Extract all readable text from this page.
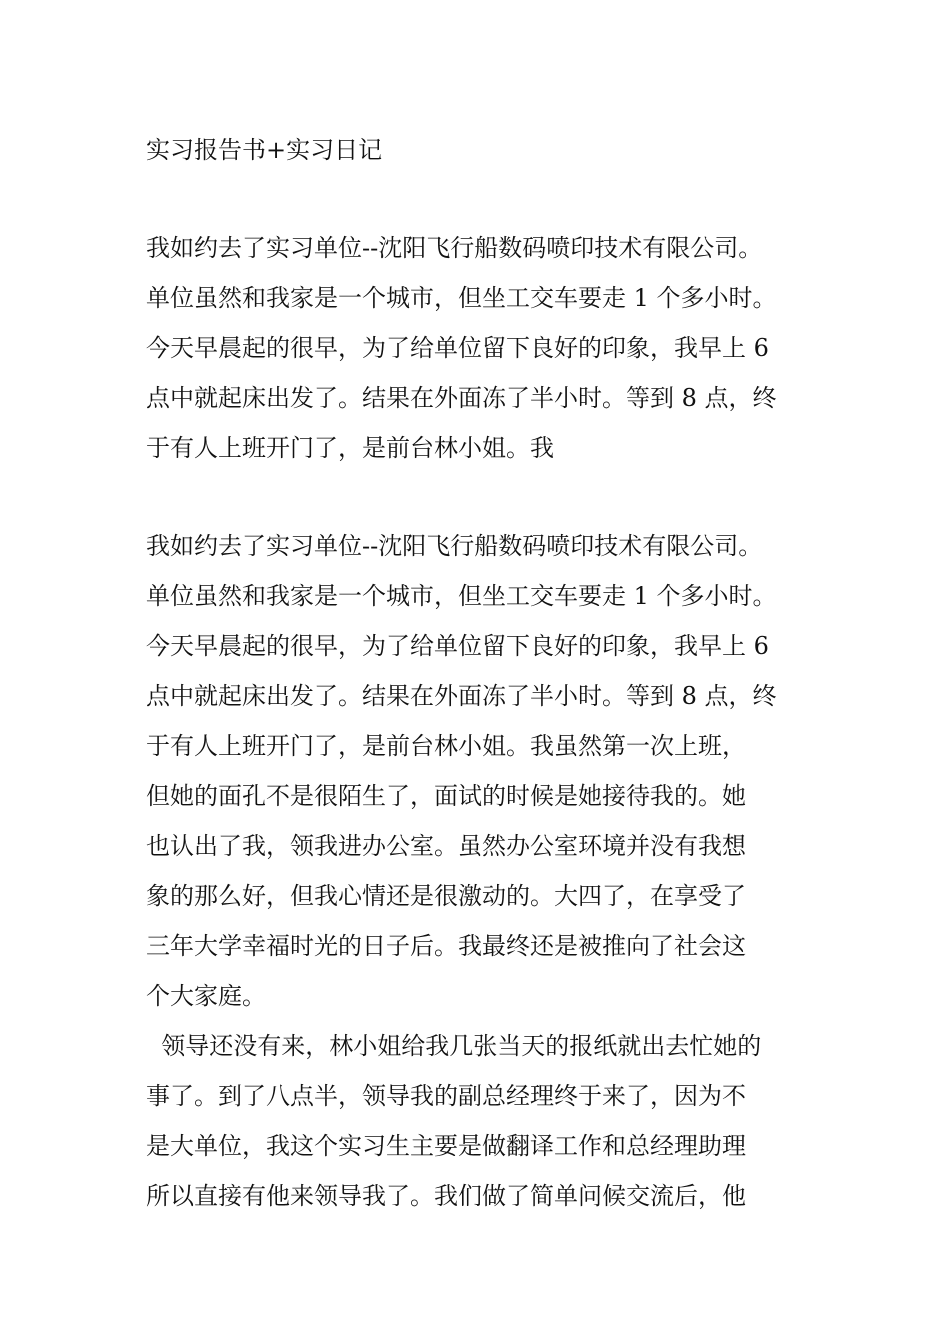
实习报告书+实习日记
我如约去了实习单位--沈阳飞行船数码喷印技术有限公司。
单位虽然和我家是一个城市，但坐工交车要走 1 个多小时。
今天早晨起的很早，为了给单位留下良好的印象，我早上 6
点中就起床出发了。结果在外面冻了半小时。等到 8 点，终
于有人上班开门了，是前台林小姐。我
我如约去了实习单位--沈阳飞行船数码喷印技术有限公司。
单位虽然和我家是一个城市，但坐工交车要走 1 个多小时。
今天早晨起的很早，为了给单位留下良好的印象，我早上 6
点中就起床出发了。结果在外面冻了半小时。等到 8 点，终
于有人上班开门了，是前台林小姐。我虽然第一次上班，
但她的面孔不是很陌生了，面试的时候是她接待我的。她
也认出了我，领我进办公室。虽然办公室环境并没有我想
象的那么好，但我心情还是很激动的。大四了，在享受了
三年大学幸福时光的日子后。我最终还是被推向了社会这
个大家庭。
领导还没有来，林小姐给我几张当天的报纸就出去忙她的
事了。到了八点半，领导我的副总经理终于来了，因为不
是大单位，我这个实习生主要是做翻译工作和总经理助理
所以直接有他来领导我了。我们做了简单问候交流后，他
